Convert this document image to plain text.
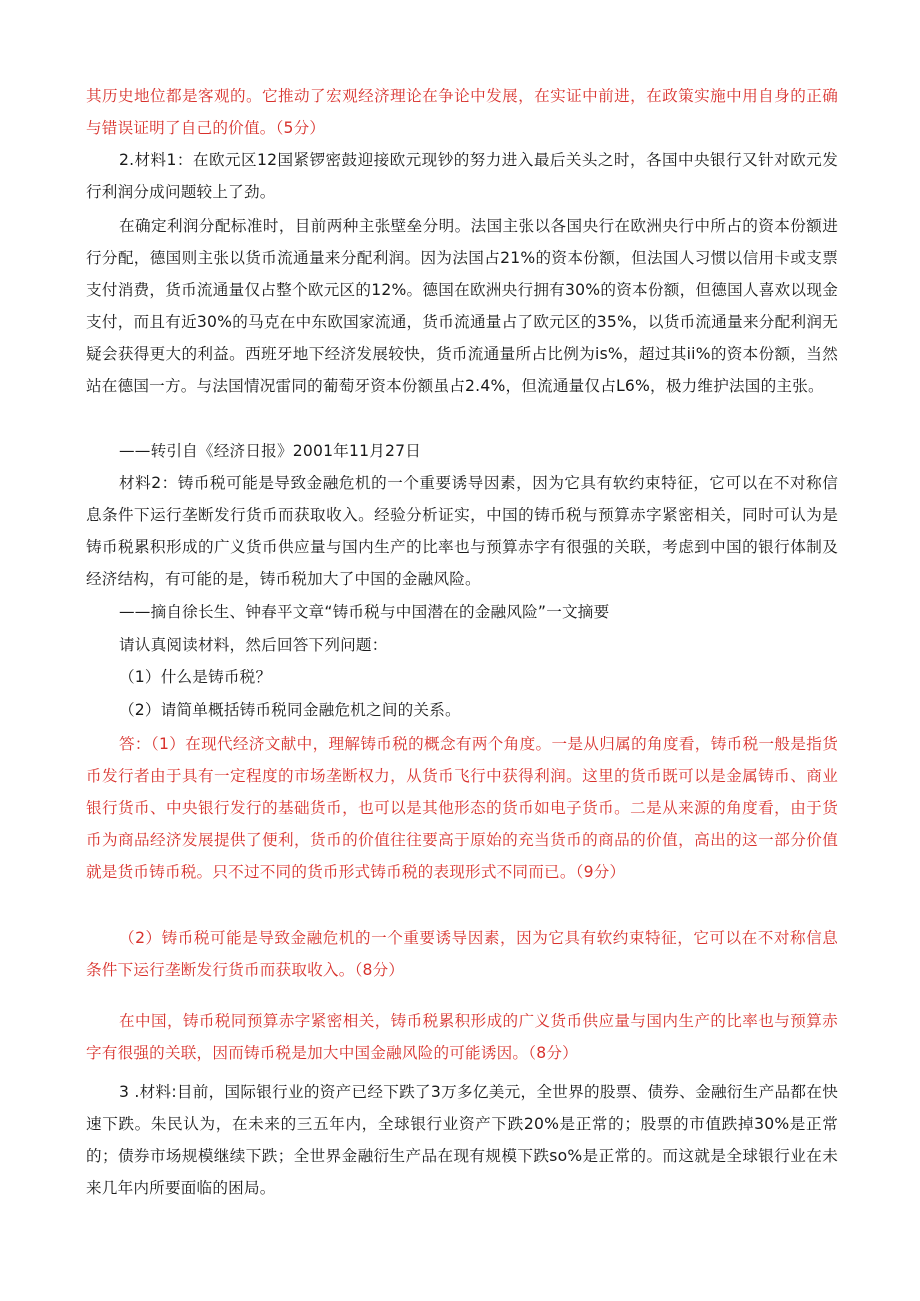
其历史地位都是客观的。它推动了宏观经济理论在争论中发展，在实证中前进，在政策实施中用自身的正确与错误证明了自己的价值。（5分）

2.材料1：在欧元区12国紧锣密鼓迎接欧元现钞的努力进入最后关头之时，各国中央银行又针对欧元发行利润分成问题较上了劲。

在确定利润分配标准时，目前两种主张壁垒分明。法国主张以各国央行在欧洲央行中所占的资本份额进行分配，德国则主张以货币流通量来分配利润。因为法国占21%的资本份额，但法国人习惯以信用卡或支票支付消费，货币流通量仅占整个欧元区的12%。德国在欧洲央行拥有30%的资本份额，但德国人喜欢以现金支付，而且有近30%的马克在中东欧国家流通，货币流通量占了欧元区的35%，以货币流通量来分配利润无疑会获得更大的利益。西班牙地下经济发展较快，货币流通量所占比例为is%，超过其ii%的资本份额，当然站在德国一方。与法国情况雷同的葡萄牙资本份额虽占2.4%，但流通量仅占L6%，极力维护法国的主张。

——转引自《经济日报》2001年11月27日

材料2：铸币税可能是导致金融危机的一个重要诱导因素，因为它具有软约束特征，它可以在不对称信息条件下运行垄断发行货币而获取收入。经验分析证实，中国的铸币税与预算赤字紧密相关，同时可认为是铸币税累积形成的广义货币供应量与国内生产的比率也与预算赤字有很强的关联，考虑到中国的银行体制及经济结构，有可能的是，铸币税加大了中国的金融风险。

——摘自徐长生、钟春平文章“铸币税与中国潜在的金融风险”一文摘要

请认真阅读材料，然后回答下列问题：

（1）什么是铸币税？

（2）请简单概括铸币税同金融危机之间的关系。

答：（1）在现代经济文献中，理解铸币税的概念有两个角度。一是从归属的角度看，铸币税一般是指货币发行者由于具有一定程度的市场垄断权力，从货币飞行中获得利润。这里的货币既可以是金属铸币、商业银行货币、中央银行发行的基础货币，也可以是其他形态的货币如电子货币。二是从来源的角度看，由于货币为商品经济发展提供了便利，货币的价值往往要高于原始的充当货币的商品的价值，高出的这一部分价值就是货币铸币税。只不过不同的货币形式铸币税的表现形式不同而已。（9分）

（2）铸币税可能是导致金融危机的一个重要诱导因素，因为它具有软约束特征，它可以在不对称信息条件下运行垄断发行货币而获取收入。（8分）

在中国，铸币税同预算赤字紧密相关，铸币税累积形成的广义货币供应量与国内生产的比率也与预算赤字有很强的关联，因而铸币税是加大中国金融风险的可能诱因。（8分）

3 .材料:目前，国际银行业的资产已经下跌了3万多亿美元，全世界的股票、债券、金融衍生产品都在快速下跌。朱民认为，在未来的三五年内，全球银行业资产下跌20%是正常的；股票的市值跌掉30%是正常的；债券市场规模继续下跌；全世界金融衍生产品在现有规模下跌so%是正常的。而这就是全球银行业在未来几年内所要面临的困局。
